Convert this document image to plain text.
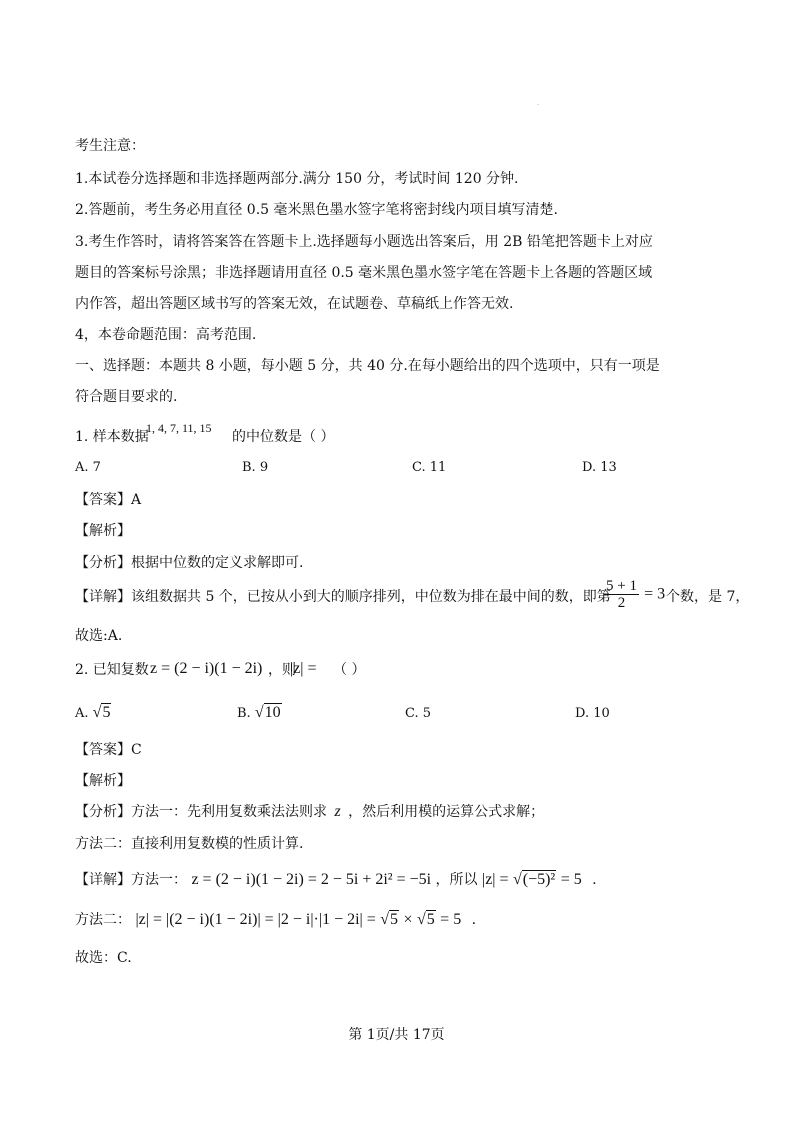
考生注意：
1.本试卷分选择题和非选择题两部分.满分 150 分，考试时间 120 分钟.
2.答题前，考生务必用直径 0.5 毫米黑色墨水签字笔将密封线内项目填写清楚.
3.考生作答时，请将答案答在答题卡上.选择题每小题选出答案后，用 2B 铅笔把答题卡上对应
题目的答案标号涂黑；非选择题请用直径 0.5 毫米黑色墨水签字笔在答题卡上各题的答题区域
内作答，超出答题区域书写的答案无效，在试题卷、草稿纸上作答无效.
4，本卷命题范围：高考范围.
一、选择题：本题共 8 小题，每小题 5 分，共 40 分.在每小题给出的四个选项中，只有一项是
符合题目要求的.
1. 样本数据
1, 4, 7, 11, 15
的中位数是（ ）
A. 7	B. 9	C. 11	D. 13
【答案】A
【解析】
【分析】根据中位数的定义求解即可.
【详解】该组数据共 5 个，已按从小到大的顺序排列，中位数为排在最中间的数，即第
$\frac{5 + 1}{2} = 3$ 个数，是 7，
故选:A.
2. 已知复数 z = (2 − i)(1 − 2i) ，则
|z| = （ ）
A. √5	B. √10	C. 5	D. 10
【答案】C
【解析】
【分析】方法一：先利用复数乘法法则求 z ，然后利用模的运算公式求解；
方法二：直接利用复数模的性质计算.
【详解】方法一： z = (2 − i)(1 − 2i) = 2 − 5i + 2i² = −5i ，所以 |z| = √(−5)² = 5 .
方法二： |z| = |(2 − i)(1 − 2i)| = |2 − i|·|1 − 2i| = √5 × √5 = 5 .
故选：C.
第 1页/共 17页
